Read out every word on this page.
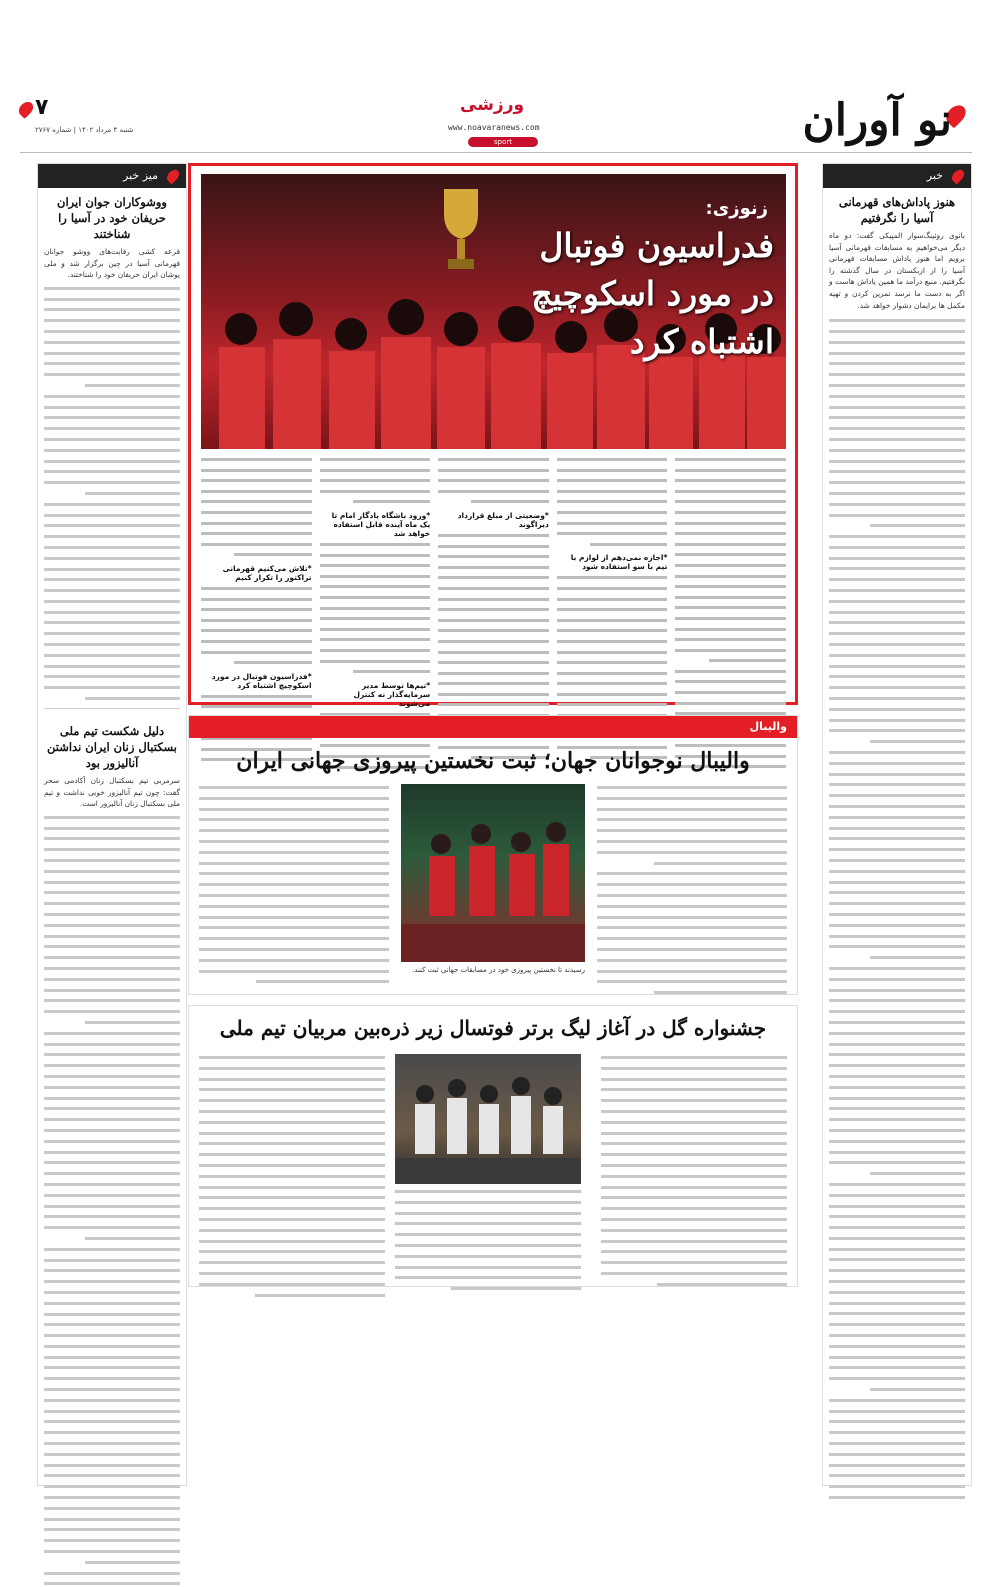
نو آوران
ورزشی
www.noavaranews.com
sport
۷
شنبه ۴ مرداد ۱۴۰۲ | شماره ۲۷۶۷
خبر
هنوز پاداش‌های قهرمانی آسیا را نگرفتیم
بانوی روئینگ‌سوار المپیکی گفت: دو ماه دیگر می‌خواهیم به مسابقات قهرمانی آسیا برویم اما هنوز پاداش مسابقات قهرمانی آسیا را از ازبکستان در سال گذشته را نگرفتیم. منبع درآمد ما همین پاداش هاست و اگر به دست ما نرسد تمرین کردن و تهیه مکمل ها برایمان دشوار خواهد شد.
میز خبر
ووشوکاران جوان ایران حریفان خود در آسیا را شناختند
قرعه کشی رقابت‌های ووشو جوانان قهرمانی آسیا در چین برگزار شد و ملی پوشان ایران حریفان خود را شناختند.
دلیل شکست تیم ملی بسکتبال زنان ایران نداشتن آنالیزور بود
سرمربی تیم بسکتبال زنان آکادمی سحر گفت: چون تیم آنالیزور خوبی نداشت و تیم ملی بسکتبال زنان آنالیزور است.
زنوزی:
فدراسیون فوتبال در مورد اسکوچیچ اشتباه کرد
*اجازه نمی‌دهم از لوازم با تیم با سو استفاده شود
*وضعیتی از مبلغ قرارداد دیراگوند
*ورود باشگاه یادگار امام تا یک ماه آینده قابل استفاده خواهد شد
*تیم‌ها توسط مدیر سرمایه‌گذار نه کنترل می‌شوند
*تلاش می‌کنیم قهرمانی تراکتور را تکرار کنیم
*فدراسیون فوتبال در مورد اسکوچیچ اشتباه کرد
والیبال
والیبال نوجوانان جهان؛ ثبت نخستین پیروزی جهانی ایران
رسیدند تا نخستین پیروزی خود در مسابقات جهانی ثبت کنند.
جشنواره گل در آغاز لیگ برتر فوتسال زیر ذره‌بین مربیان تیم ملی
